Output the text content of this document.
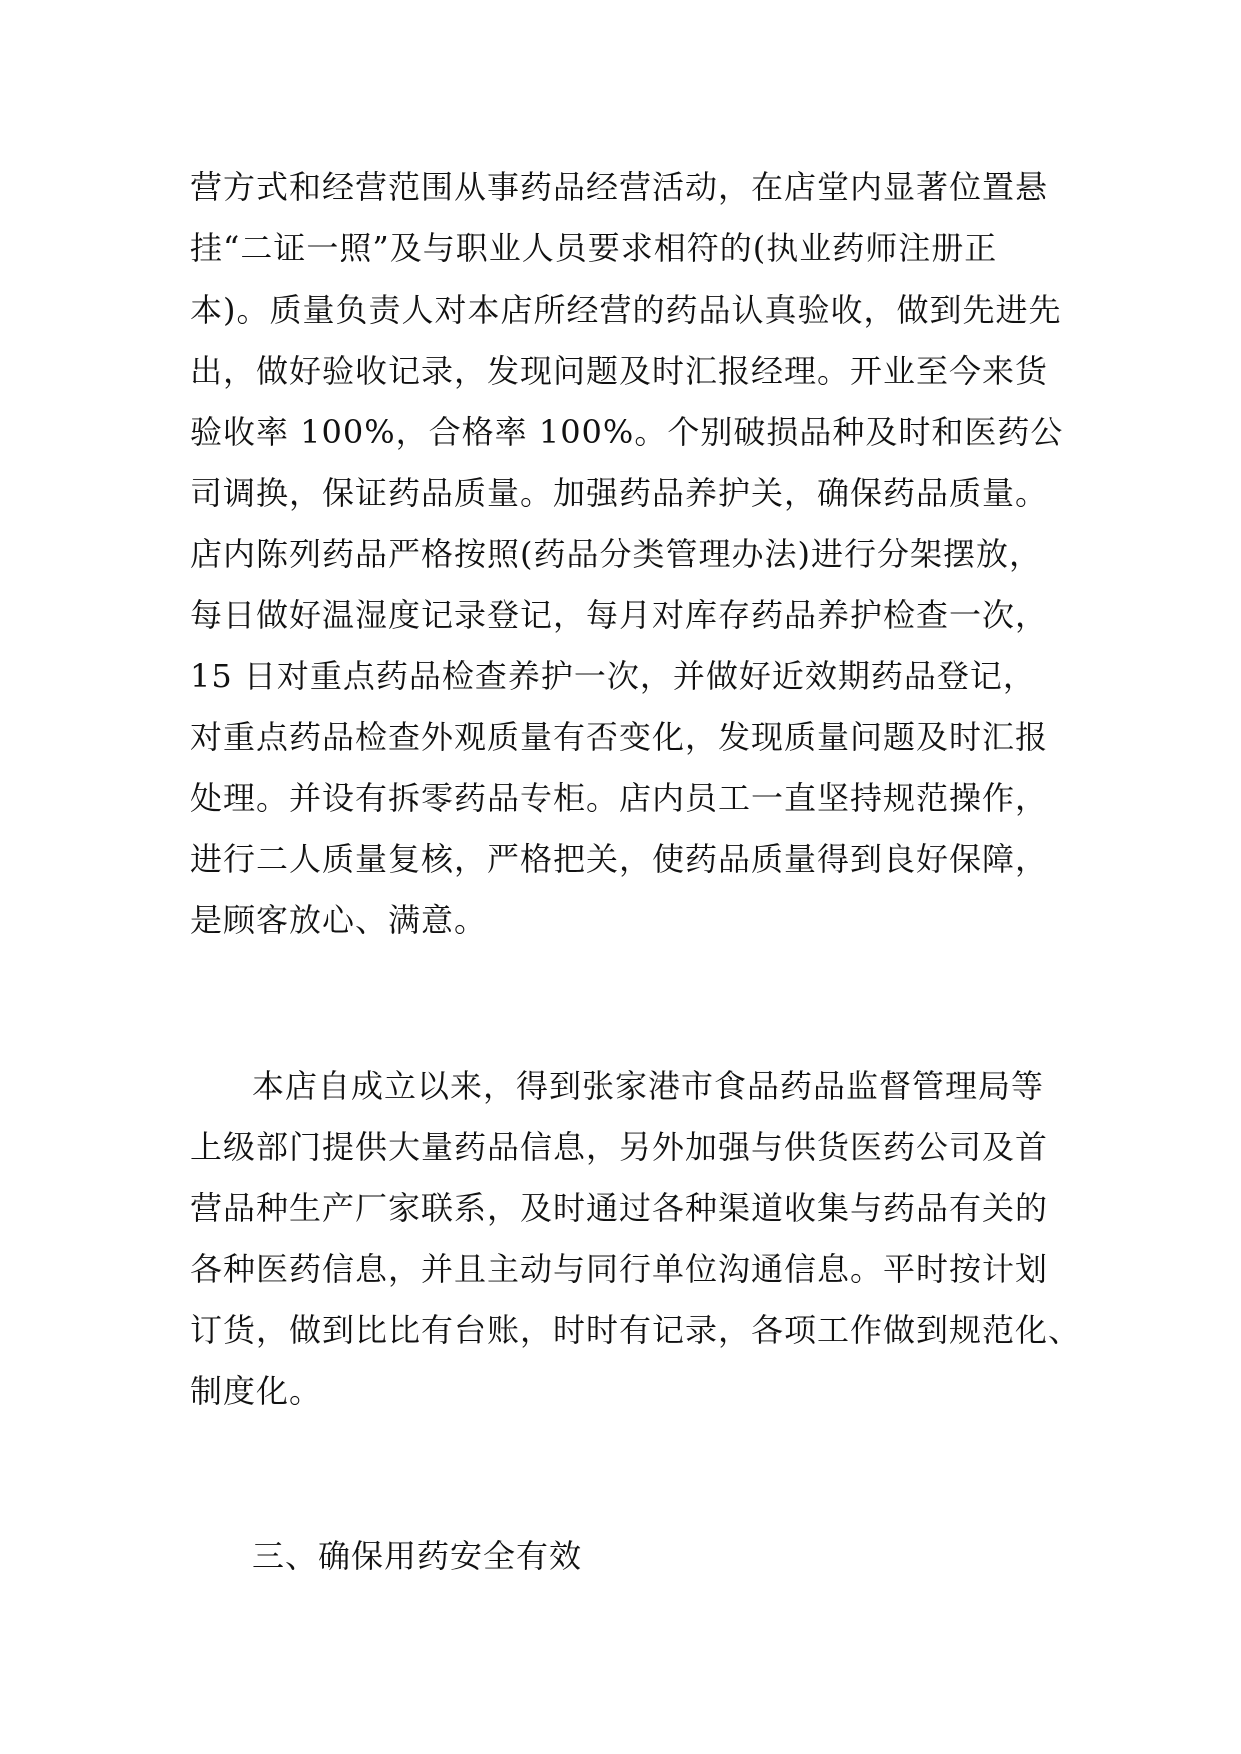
营方式和经营范围从事药品经营活动，在店堂内显著位置悬
挂“二证一照”及与职业人员要求相符的(执业药师注册正
本)。质量负责人对本店所经营的药品认真验收，做到先进先
出，做好验收记录，发现问题及时汇报经理。开业至今来货
验收率 100%，合格率 100%。个别破损品种及时和医药公
司调换，保证药品质量。加强药品养护关，确保药品质量。
店内陈列药品严格按照(药品分类管理办法)进行分架摆放，
每日做好温湿度记录登记，每月对库存药品养护检查一次，
15 日对重点药品检查养护一次，并做好近效期药品登记，
对重点药品检查外观质量有否变化，发现质量问题及时汇报
处理。并设有拆零药品专柜。店内员工一直坚持规范操作，
进行二人质量复核，严格把关，使药品质量得到良好保障，
是顾客放心、满意。
本店自成立以来，得到张家港市食品药品监督管理局等
上级部门提供大量药品信息，另外加强与供货医药公司及首
营品种生产厂家联系，及时通过各种渠道收集与药品有关的
各种医药信息，并且主动与同行单位沟通信息。平时按计划
订货，做到比比有台账，时时有记录，各项工作做到规范化、
制度化。
三、确保用药安全有效
